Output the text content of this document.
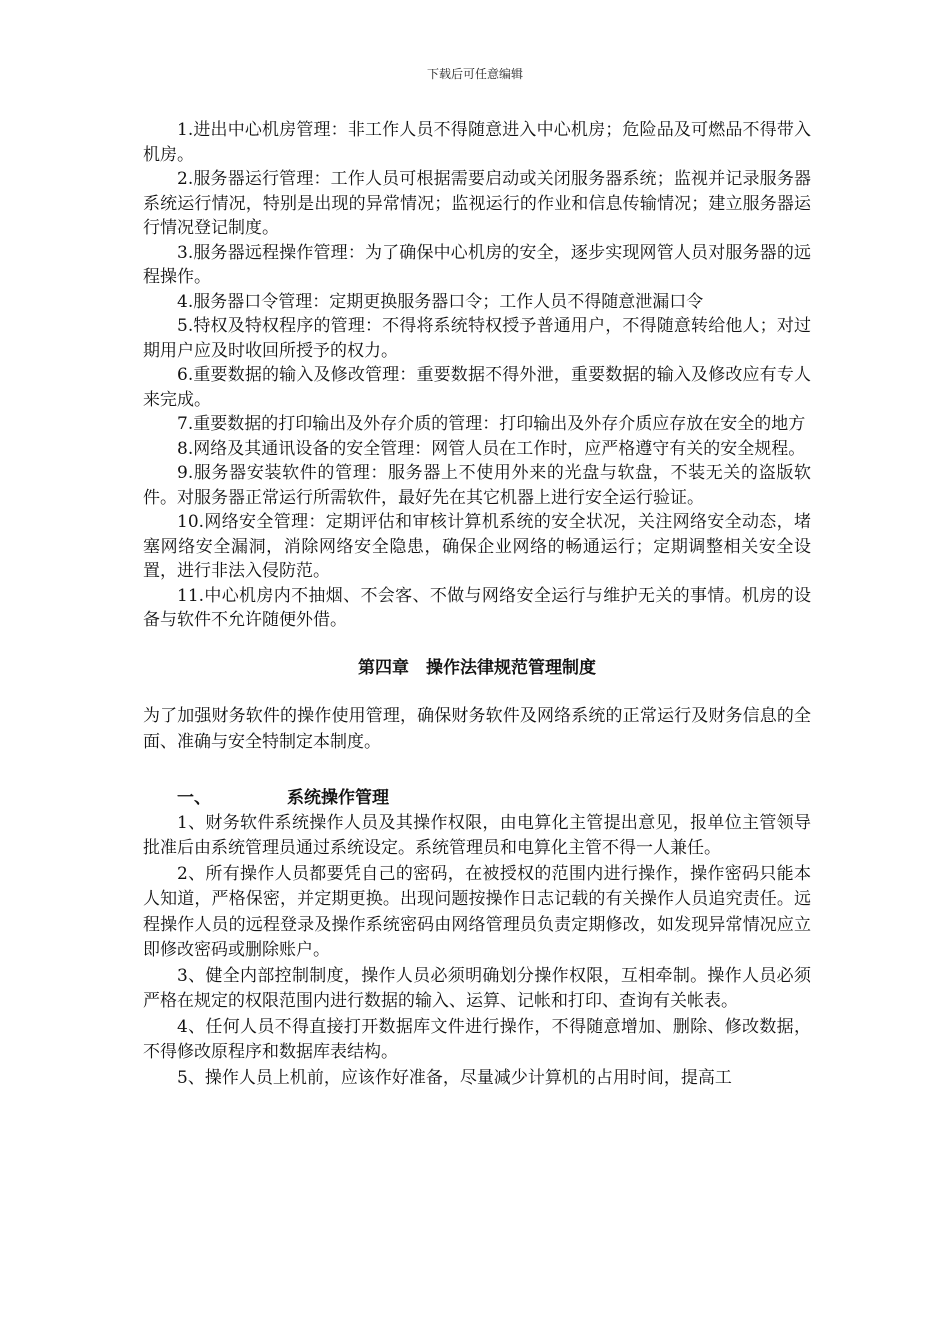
下载后可任意编辑

1.进出中心机房管理：非工作人员不得随意进入中心机房；危险品及可燃品不得带入机房。

2.服务器运行管理：工作人员可根据需要启动或关闭服务器系统；监视并记录服务器系统运行情况，特别是出现的异常情况；监视运行的作业和信息传输情况；建立服务器运行情况登记制度。

3.服务器远程操作管理：为了确保中心机房的安全，逐步实现网管人员对服务器的远程操作。

4.服务器口令管理：定期更换服务器口令；工作人员不得随意泄漏口令

5.特权及特权程序的管理：不得将系统特权授予普通用户，不得随意转给他人；对过期用户应及时收回所授予的权力。

6.重要数据的输入及修改管理：重要数据不得外泄，重要数据的输入及修改应有专人来完成。

7.重要数据的打印输出及外存介质的管理：打印输出及外存介质应存放在安全的地方

8.网络及其通讯设备的安全管理：网管人员在工作时，应严格遵守有关的安全规程。

9.服务器安装软件的管理：服务器上不使用外来的光盘与软盘，不装无关的盗版软件。对服务器正常运行所需软件，最好先在其它机器上进行安全运行验证。

10.网络安全管理：定期评估和审核计算机系统的安全状况，关注网络安全动态，堵塞网络安全漏洞，消除网络安全隐患，确保企业网络的畅通运行；定期调整相关安全设置，进行非法入侵防范。

11.中心机房内不抽烟、不会客、不做与网络安全运行与维护无关的事情。机房的设备与软件不允许随便外借。

第四章　操作法律规范管理制度

为了加强财务软件的操作使用管理，确保财务软件及网络系统的正常运行及财务信息的全面、准确与安全特制定本制度。

一、	系统操作管理

1、财务软件系统操作人员及其操作权限，由电算化主管提出意见，报单位主管领导批准后由系统管理员通过系统设定。系统管理员和电算化主管不得一人兼任。

2、所有操作人员都要凭自己的密码，在被授权的范围内进行操作，操作密码只能本人知道，严格保密，并定期更换。出现问题按操作日志记载的有关操作人员追究责任。远程操作人员的远程登录及操作系统密码由网络管理员负责定期修改，如发现异常情况应立即修改密码或删除账户。

3、健全内部控制制度，操作人员必须明确划分操作权限，互相牵制。操作人员必须严格在规定的权限范围内进行数据的输入、运算、记帐和打印、查询有关帐表。

4、任何人员不得直接打开数据库文件进行操作，不得随意增加、删除、修改数据，不得修改原程序和数据库表结构。

5、操作人员上机前，应该作好准备，尽量减少计算机的占用时间，提高工
